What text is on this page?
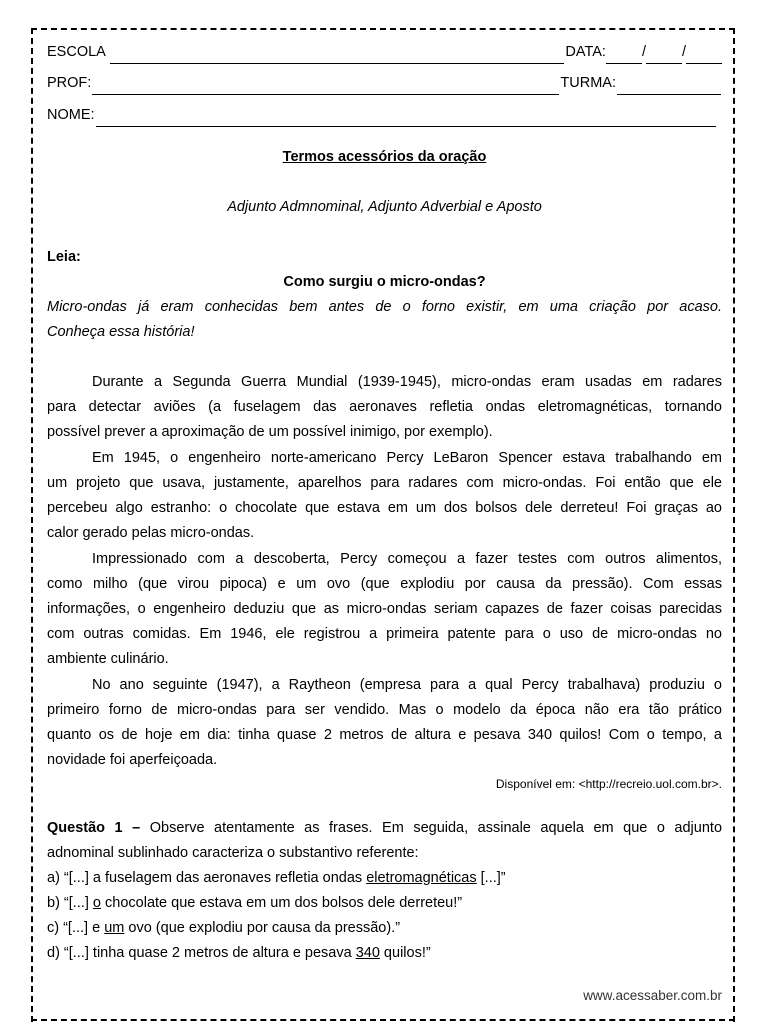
ESCOLA	DATA: / /
PROF:	TURMA:
NOME:
Termos acessórios da oração
Adjunto Admnominal, Adjunto Adverbial e Aposto
Leia:
Como surgiu o micro-ondas?
Micro-ondas já eram conhecidas bem antes de o forno existir, em uma criação por acaso.
Conheça essa história!
Durante a Segunda Guerra Mundial (1939-1945), micro-ondas eram usadas em radares
para detectar aviões (a fuselagem das aeronaves refletia ondas eletromagnéticas, tornando
possível prever a aproximação de um possível inimigo, por exemplo).
Em 1945, o engenheiro norte-americano Percy LeBaron Spencer estava trabalhando em
um projeto que usava, justamente, aparelhos para radares com micro-ondas. Foi então que ele
percebeu algo estranho: o chocolate que estava em um dos bolsos dele derreteu! Foi graças ao
calor gerado pelas micro-ondas.
Impressionado com a descoberta, Percy começou a fazer testes com outros alimentos,
como milho (que virou pipoca) e um ovo (que explodiu por causa da pressão). Com essas
informações, o engenheiro deduziu que as micro-ondas seriam capazes de fazer coisas parecidas
com outras comidas. Em 1946, ele registrou a primeira patente para o uso de micro-ondas no
ambiente culinário.
No ano seguinte (1947), a Raytheon (empresa para a qual Percy trabalhava) produziu o
primeiro forno de micro-ondas para ser vendido. Mas o modelo da época não era tão prático
quanto os de hoje em dia: tinha quase 2 metros de altura e pesava 340 quilos! Com o tempo, a
novidade foi aperfeiçoada.
Disponível em: <http://recreio.uol.com.br>.
Questão 1 – Observe atentamente as frases. Em seguida, assinale aquela em que o adjunto
adnominal sublinhado caracteriza o substantivo referente:
a) “[...] a fuselagem das aeronaves refletia ondas eletromagnéticas [...]”
b) “[...] o chocolate que estava em um dos bolsos dele derreteu!”
c) “[...] e um ovo (que explodiu por causa da pressão).”
d) “[...] tinha quase 2 metros de altura e pesava 340 quilos!”
www.acessaber.com.br
